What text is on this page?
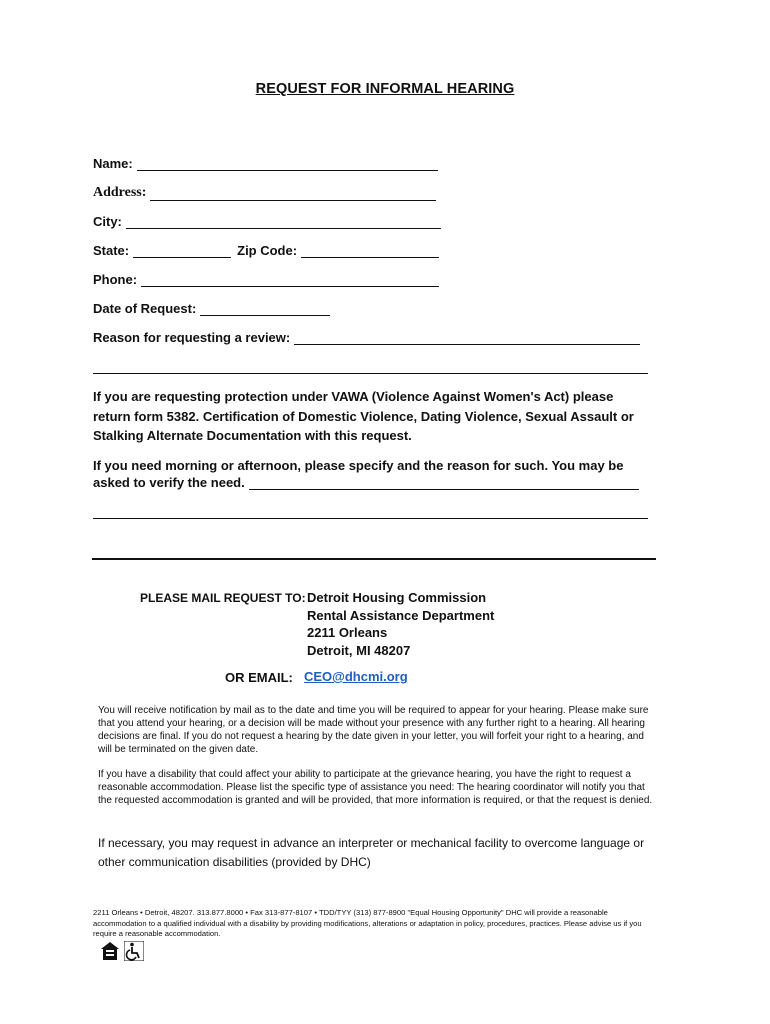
REQUEST FOR INFORMAL HEARING
Name:
Address:
City:
State:	Zip Code:
Phone:
Date of Request:
Reason for requesting a review:
If you are requesting protection under VAWA (Violence Against Women's Act) please return form 5382. Certification of Domestic Violence, Dating Violence, Sexual Assault or Stalking Alternate Documentation with this request.
If you need morning or afternoon, please specify and the reason for such. You may be
asked to verify the need.
PLEASE MAIL REQUEST TO: Detroit Housing Commission
Rental Assistance Department
2211 Orleans
Detroit, MI 48207
OR EMAIL: CEO@dhcmi.org
You will receive notification by mail as to the date and time you will be required to appear for your hearing. Please make sure that you attend your hearing, or a decision will be made without your presence with any further right to a hearing. All hearing decisions are final. If you do not request a hearing by the date given in your letter, you will forfeit your right to a hearing, and will be terminated on the given date.
If you have a disability that could affect your ability to participate at the grievance hearing, you have the right to request a reasonable accommodation. Please list the specific type of assistance you need: The hearing coordinator will notify you that the requested accommodation is granted and will be provided, that more information is required, or that the request is denied.
If necessary, you may request in advance an interpreter or mechanical facility to overcome language or other communication disabilities (provided by DHC)
2211 Orleans • Detroit, 48207. 313.877.8000 • Fax 313-877-8107 • TDD/TYY (313) 877-8900 "Equal Housing Opportunity" DHC will provide a reasonable accommodation to a qualified individual with a disability by providing modifications, alterations or adaptation in policy, procedures, practices. Please advise us if you require a reasonable accommodation.
